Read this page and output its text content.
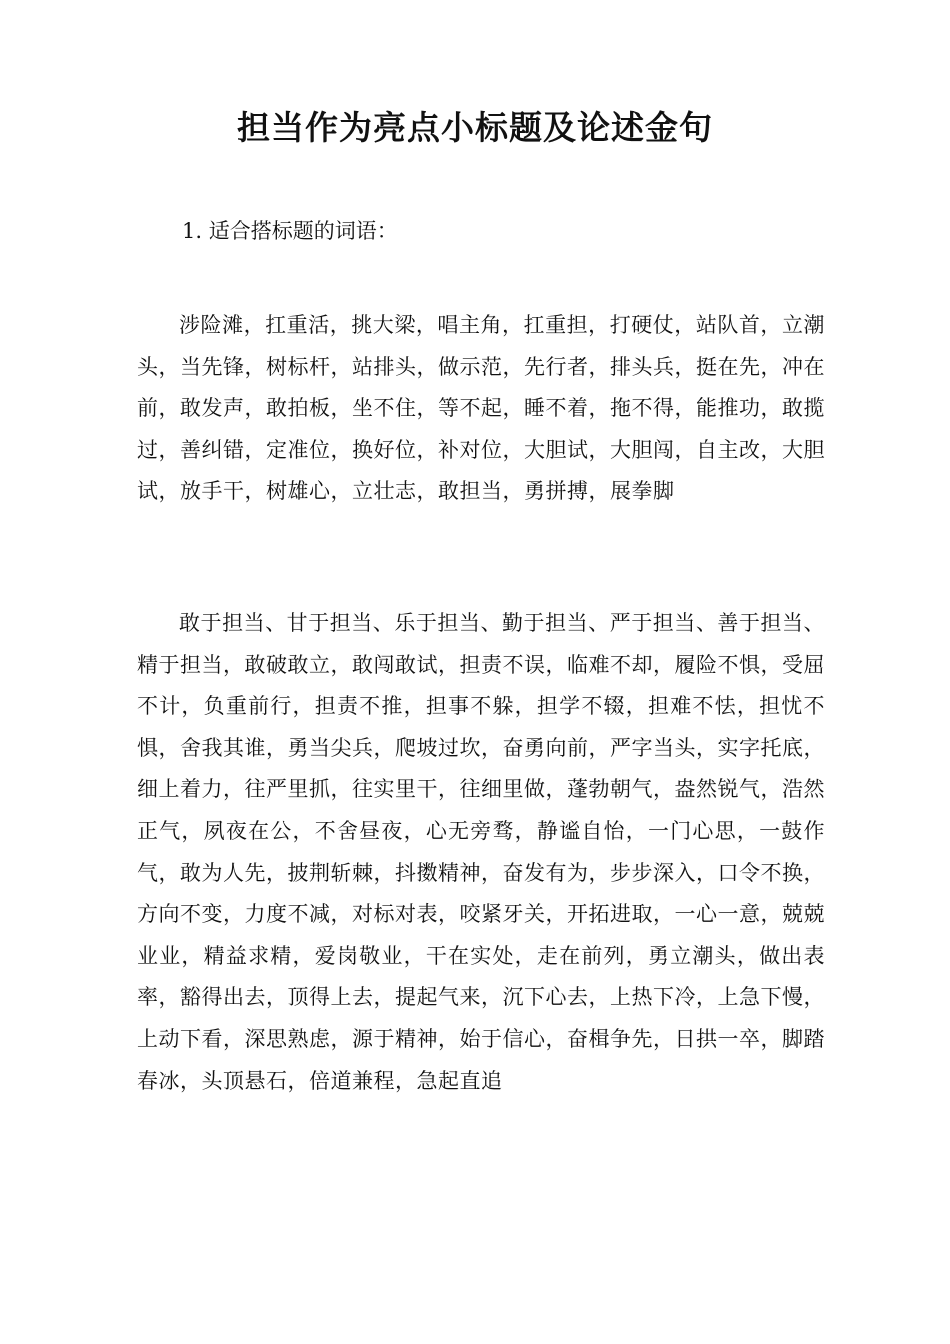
担当作为亮点小标题及论述金句

1. 适合搭标题的词语：

涉险滩，扛重活，挑大梁，唱主角，扛重担，打硬仗，站队首，立潮头，当先锋，树标杆，站排头，做示范，先行者，排头兵，挺在先，冲在前，敢发声，敢拍板，坐不住，等不起，睡不着，拖不得，能推功，敢揽过，善纠错，定准位，换好位，补对位，大胆试，大胆闯，自主改，大胆试，放手干，树雄心，立壮志，敢担当，勇拼搏，展拳脚

敢于担当、甘于担当、乐于担当、勤于担当、严于担当、善于担当、精于担当，敢破敢立，敢闯敢试，担责不误，临难不却，履险不惧，受屈不计，负重前行，担责不推，担事不躲，担学不辍，担难不怯，担忧不惧，舍我其谁，勇当尖兵，爬坡过坎，奋勇向前，严字当头，实字托底，细上着力，往严里抓，往实里干，往细里做，蓬勃朝气，盎然锐气，浩然正气，夙夜在公，不舍昼夜，心无旁骛，静谧自怡，一门心思，一鼓作气，敢为人先，披荆斩棘，抖擞精神，奋发有为，步步深入，口令不换，方向不变，力度不减，对标对表，咬紧牙关，开拓进取，一心一意，兢兢业业，精益求精，爱岗敬业，干在实处，走在前列，勇立潮头，做出表率，豁得出去，顶得上去，提起气来，沉下心去，上热下冷，上急下慢，上动下看，深思熟虑，源于精神，始于信心，奋楫争先，日拱一卒，脚踏春冰，头顶悬石，倍道兼程，急起直追
